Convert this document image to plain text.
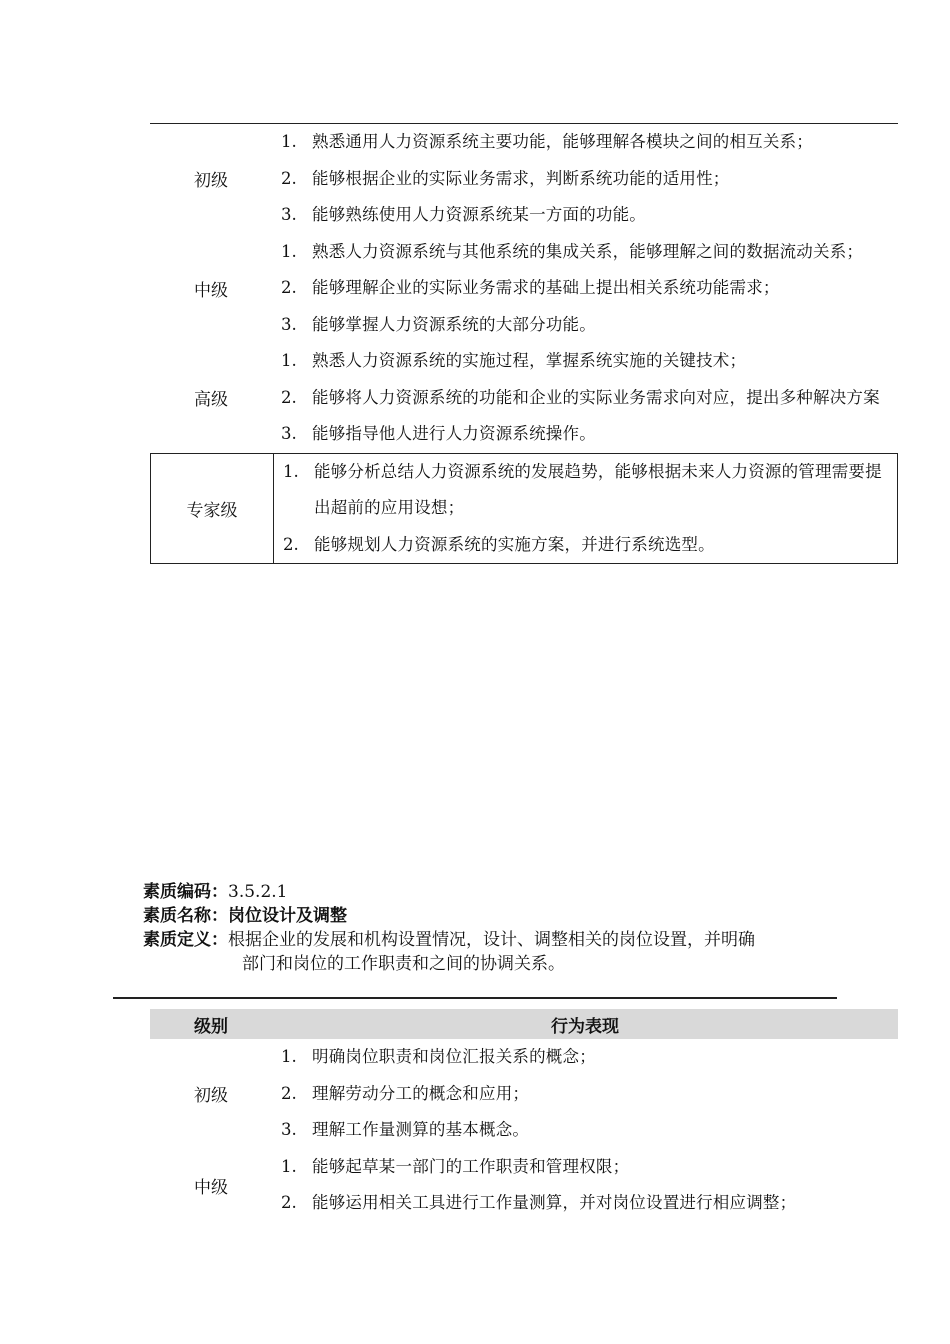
初级
1. 熟悉通用人力资源系统主要功能，能够理解各模块之间的相互关系；
2. 能够根据企业的实际业务需求，判断系统功能的适用性；
3. 能够熟练使用人力资源系统某一方面的功能。
中级
1. 熟悉人力资源系统与其他系统的集成关系，能够理解之间的数据流动关系；
2. 能够理解企业的实际业务需求的基础上提出相关系统功能需求；
3. 能够掌握人力资源系统的大部分功能。
高级
1. 熟悉人力资源系统的实施过程，掌握系统实施的关键技术；
2. 能够将人力资源系统的功能和企业的实际业务需求向对应，提出多种解决方案
3. 能够指导他人进行人力资源系统操作。
专家级
1. 能够分析总结人力资源系统的发展趋势，能够根据未来人力资源的管理需要提出超前的应用设想；
2. 能够规划人力资源系统的实施方案，并进行系统选型。
素质编码： 3.5.2.1
素质名称： 岗位设计及调整
素质定义： 根据企业的发展和机构设置情况，设计、调整相关的岗位设置，并明确
部门和岗位的工作职责和之间的协调关系。
级别	行为表现
初级
1. 明确岗位职责和岗位汇报关系的概念；
2. 理解劳动分工的概念和应用；
3. 理解工作量测算的基本概念。
中级
1. 能够起草某一部门的工作职责和管理权限；
2. 能够运用相关工具进行工作量测算，并对岗位设置进行相应调整；
